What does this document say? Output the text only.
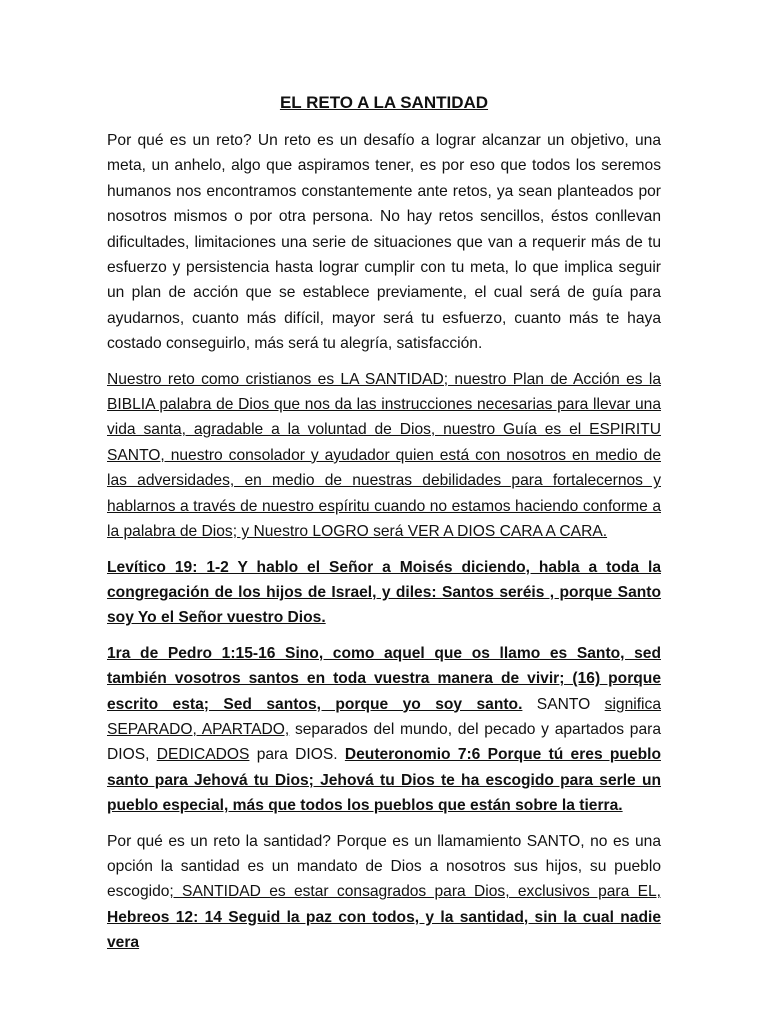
EL RETO A LA SANTIDAD

Por qué es un reto? Un reto es un desafío a lograr alcanzar un objetivo, una meta, un anhelo, algo que aspiramos tener, es por eso que todos los seremos humanos nos encontramos constantemente ante retos, ya sean planteados por nosotros mismos o por otra persona. No hay retos sencillos, éstos conllevan dificultades, limitaciones una serie de situaciones que van a requerir más de tu esfuerzo y persistencia hasta lograr cumplir con tu meta, lo que implica seguir un plan de acción que se establece previamente, el cual será de guía para ayudarnos, cuanto más difícil, mayor será tu esfuerzo, cuanto más te haya costado conseguirlo, más será tu alegría, satisfacción.

Nuestro reto como cristianos es LA SANTIDAD; nuestro Plan de Acción es la BIBLIA palabra de Dios que nos da las instrucciones necesarias para llevar una vida santa, agradable a la voluntad de Dios, nuestro Guía es el ESPIRITU SANTO, nuestro consolador y ayudador quien está con nosotros en medio de las adversidades, en medio de nuestras debilidades para fortalecernos y hablarnos a través de nuestro espíritu cuando no estamos haciendo conforme a la palabra de Dios; y Nuestro LOGRO será VER A DIOS CARA A CARA.

Levítico 19: 1-2 Y hablo el Señor a Moisés diciendo, habla a toda la congregación de los hijos de Israel, y diles: Santos seréis , porque Santo soy Yo el Señor vuestro Dios.

1ra de Pedro 1:15-16 Sino, como aquel que os llamo es Santo, sed también vosotros santos en toda vuestra manera de vivir; (16) porque escrito esta; Sed santos, porque yo soy santo. SANTO significa SEPARADO, APARTADO, separados del mundo, del pecado y apartados para DIOS, DEDICADOS para DIOS. Deuteronomio 7:6 Porque tú eres pueblo santo para Jehová tu Dios; Jehová tu Dios te ha escogido para serle un pueblo especial, más que todos los pueblos que están sobre la tierra.

Por qué es un reto la santidad? Porque es un llamamiento SANTO, no es una opción la santidad es un mandato de Dios a nosotros sus hijos, su pueblo escogido; SANTIDAD es estar consagrados para Dios, exclusivos para EL, Hebreos 12: 14 Seguid la paz con todos, y la santidad, sin la cual nadie vera
